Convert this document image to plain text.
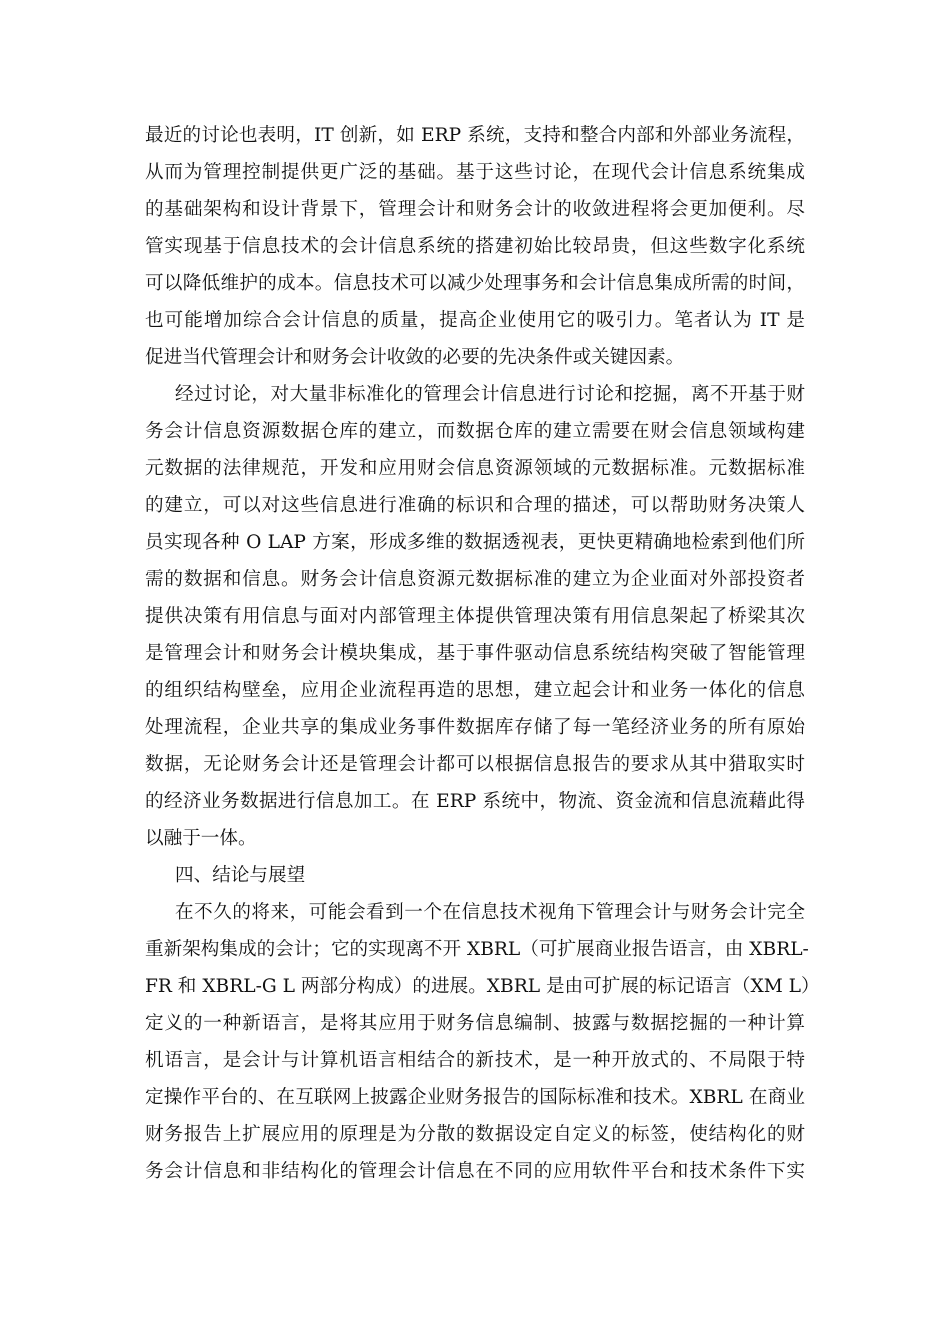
最近的讨论也表明，IT 创新，如 ERP 系统，支持和整合内部和外部业务流程，

从而为管理控制提供更广泛的基础。基于这些讨论，在现代会计信息系统集成

的基础架构和设计背景下，管理会计和财务会计的收敛进程将会更加便利。尽

管实现基于信息技术的会计信息系统的搭建初始比较昂贵，但这些数字化系统

可以降低维护的成本。信息技术可以减少处理事务和会计信息集成所需的时间，

也可能增加综合会计信息的质量，提高企业使用它的吸引力。笔者认为 IT 是

促进当代管理会计和财务会计收敛的必要的先决条件或关键因素。

经过讨论，对大量非标准化的管理会计信息进行讨论和挖掘，离不开基于财

务会计信息资源数据仓库的建立，而数据仓库的建立需要在财会信息领域构建

元数据的法律规范，开发和应用财会信息资源领域的元数据标准。元数据标准

的建立，可以对这些信息进行准确的标识和合理的描述，可以帮助财务决策人

员实现各种 O LAP 方案，形成多维的数据透视表，更快更精确地检索到他们所

需的数据和信息。财务会计信息资源元数据标准的建立为企业面对外部投资者

提供决策有用信息与面对内部管理主体提供管理决策有用信息架起了桥梁其次

是管理会计和财务会计模块集成，基于事件驱动信息系统结构突破了智能管理

的组织结构壁垒，应用企业流程再造的思想，建立起会计和业务一体化的信息

处理流程，企业共享的集成业务事件数据库存储了每一笔经济业务的所有原始

数据，无论财务会计还是管理会计都可以根据信息报告的要求从其中猎取实时

的经济业务数据进行信息加工。在 ERP 系统中，物流、资金流和信息流藉此得

以融于一体。

四、结论与展望

在不久的将来，可能会看到一个在信息技术视角下管理会计与财务会计完全

重新架构集成的会计；它的实现离不开 XBRL（可扩展商业报告语言，由 XBRL-

FR 和 XBRL-G L 两部分构成）的进展。XBRL 是由可扩展的标记语言（XM L）

定义的一种新语言，是将其应用于财务信息编制、披露与数据挖掘的一种计算

机语言，是会计与计算机语言相结合的新技术，是一种开放式的、不局限于特

定操作平台的、在互联网上披露企业财务报告的国际标准和技术。XBRL 在商业

财务报告上扩展应用的原理是为分散的数据设定自定义的标签，使结构化的财

务会计信息和非结构化的管理会计信息在不同的应用软件平台和技术条件下实
